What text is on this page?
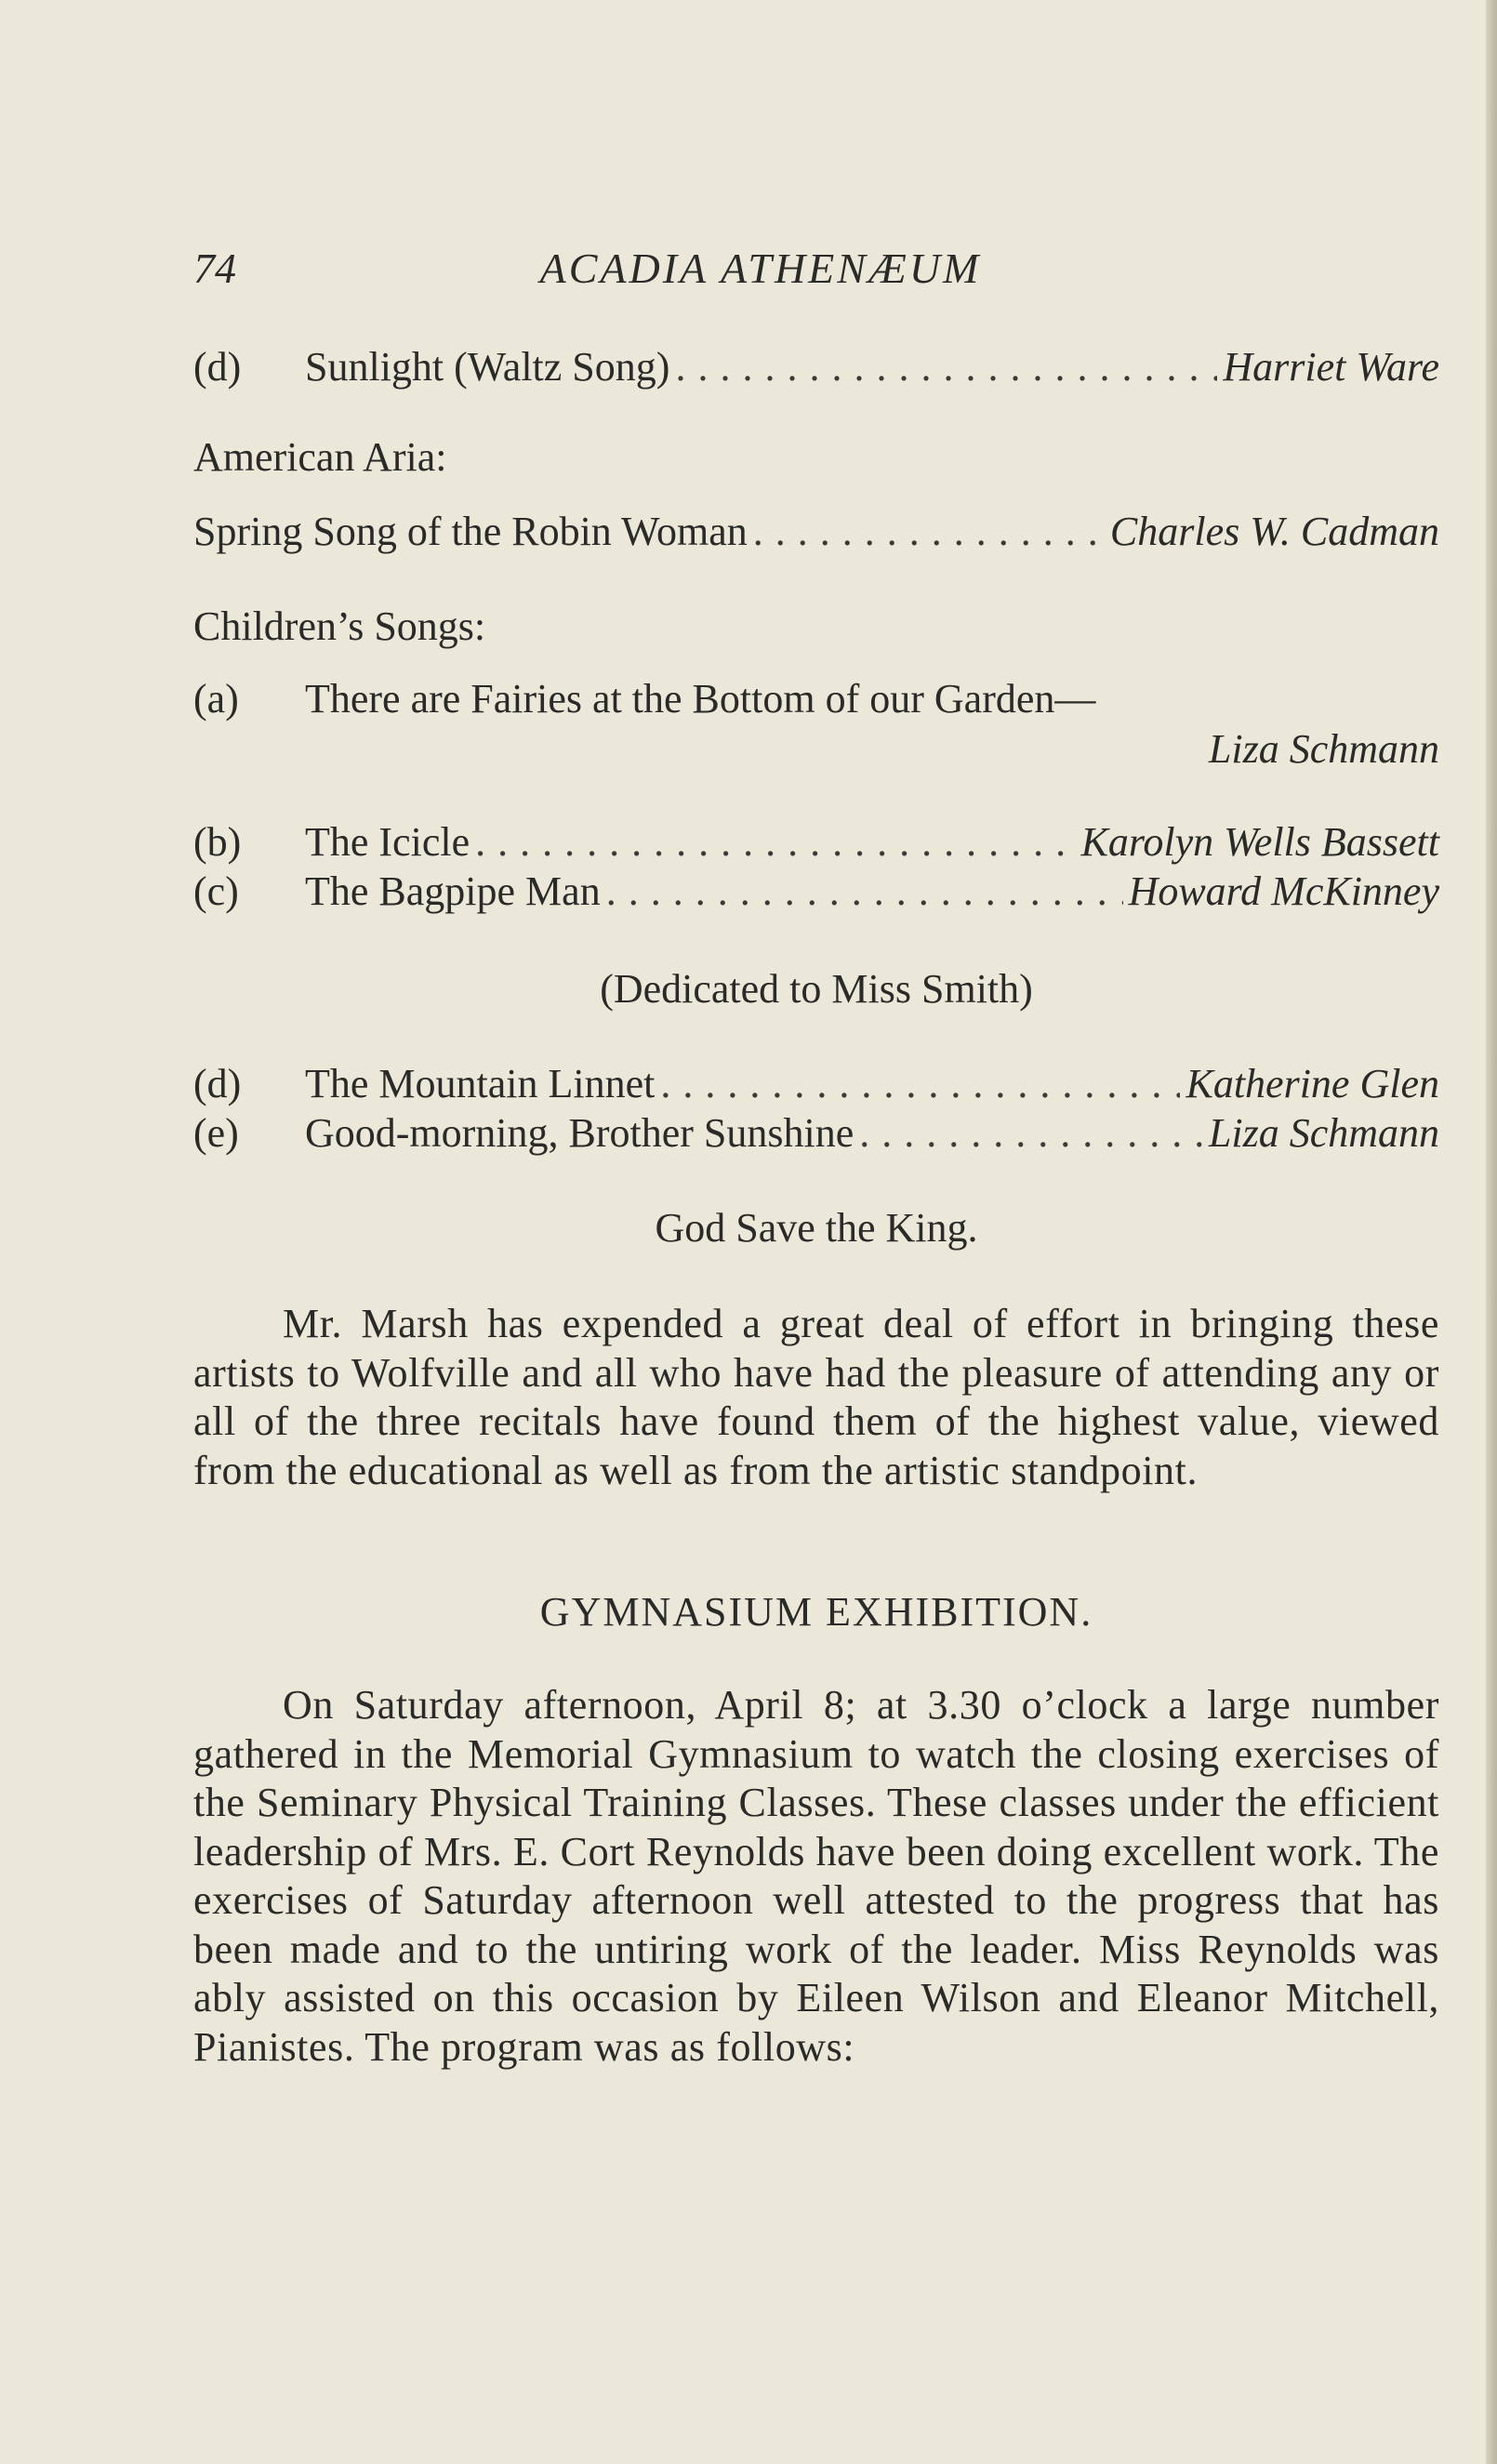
74	ACADIA ATHENÆUM
(d)	Sunlight (Waltz Song) . . .	Harriet Ware
American Aria:
Spring Song of the Robin Woman . . .	Charles W. Cadman
Children’s Songs:
(a)	There are Fairies at the Bottom of our Garden—
Liza Schmann
(b)	The Icicle . . .	Karolyn Wells Bassett
(c)	The Bagpipe Man . . .	Howard McKinney
(Dedicated to Miss Smith)
(d)	The Mountain Linnet . . .	Katherine Glen
(e)	Good-morning, Brother Sunshine . . .	Liza Schmann
God Save the King.
Mr. Marsh has expended a great deal of effort in bringing these artists to Wolfville and all who have had the pleasure of attending any or all of the three recitals have found them of the highest value, viewed from the educational as well as from the artistic standpoint.
GYMNASIUM EXHIBITION.
On Saturday afternoon, April 8; at 3.30 o’clock a large number gathered in the Memorial Gymnasium to watch the closing exercises of the Seminary Physical Training Classes. These classes under the efficient leadership of Mrs. E. Cort Reynolds have been doing excellent work. The exercises of Saturday afternoon well attested to the progress that has been made and to the untiring work of the leader. Miss Reynolds was ably assisted on this occasion by Eileen Wilson and Eleanor Mitchell, Pianistes. The program was as follows:
